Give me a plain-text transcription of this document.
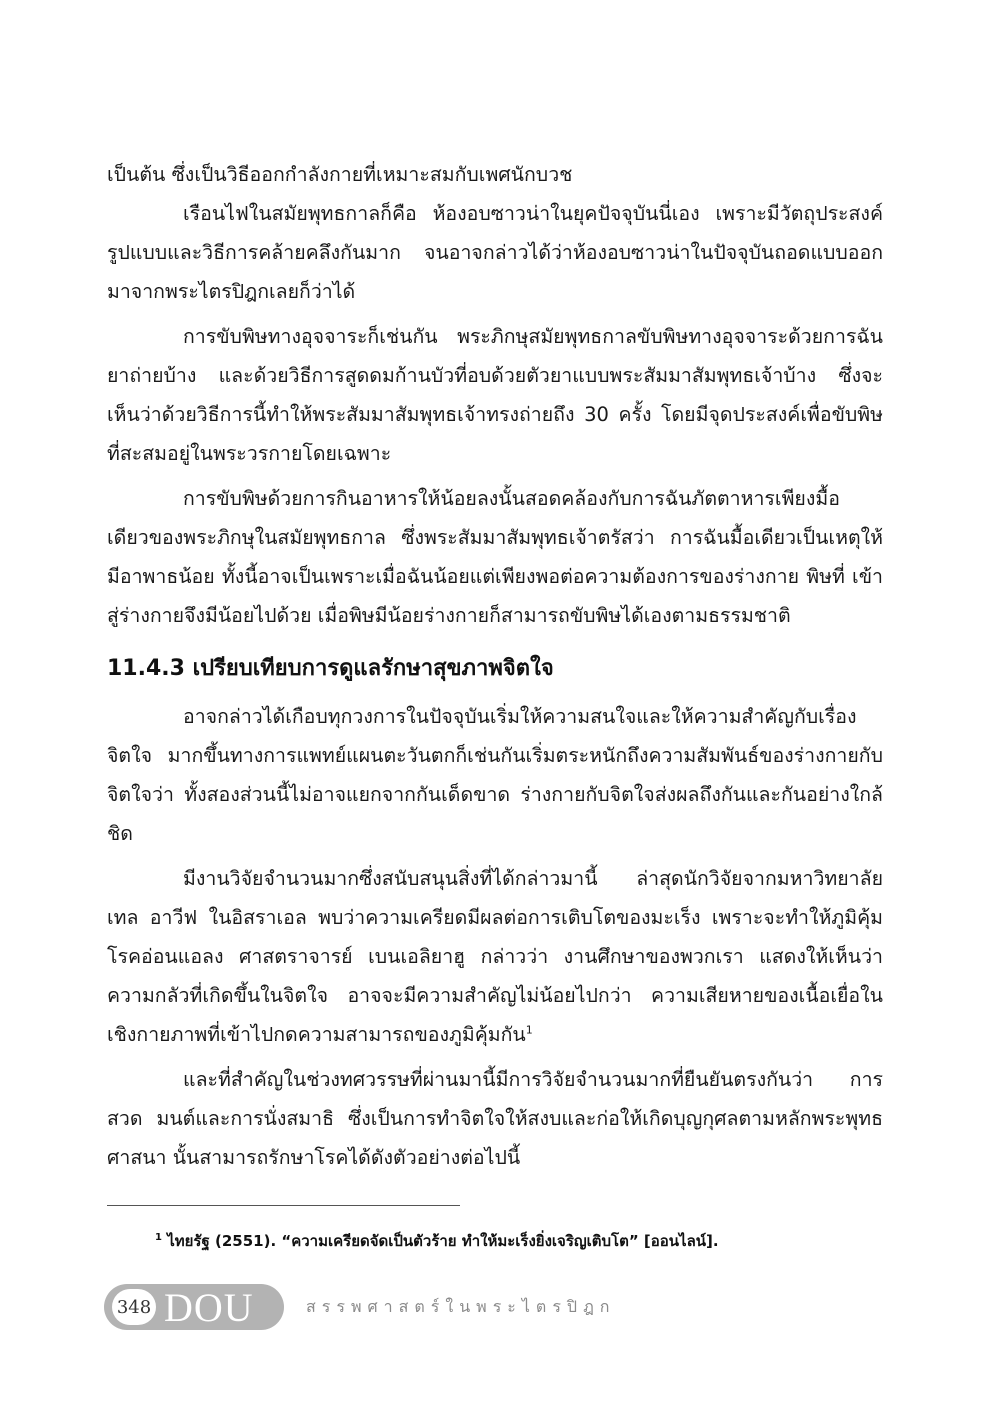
เป็นต้น ซึ่งเป็นวิธีออกกำลังกายที่เหมาะสมกับเพศนักบวช

เรือนไฟในสมัยพุทธกาลก็คือ ห้องอบซาวน่าในยุคปัจจุบันนี่เอง เพราะมีวัตถุประสงค์ รูปแบบและวิธีการคล้ายคลึงกันมาก จนอาจกล่าวได้ว่าห้องอบซาวน่าในปัจจุบันถอดแบบออก มาจากพระไตรปิฎกเลยก็ว่าได้

การขับพิษทางอุจจาระก็เช่นกัน พระภิกษุสมัยพุทธกาลขับพิษทางอุจจาระด้วยการฉัน ยาถ่ายบ้าง และด้วยวิธีการสูดดมก้านบัวที่อบด้วยตัวยาแบบพระสัมมาสัมพุทธเจ้าบ้าง ซึ่งจะ เห็นว่าด้วยวิธีการนี้ทำให้พระสัมมาสัมพุทธเจ้าทรงถ่ายถึง 30 ครั้ง โดยมีจุดประสงค์เพื่อขับพิษ ที่สะสมอยู่ในพระวรกายโดยเฉพาะ

การขับพิษด้วยการกินอาหารให้น้อยลงนั้นสอดคล้องกับการฉันภัตตาหารเพียงมื้อ เดียวของพระภิกษุในสมัยพุทธกาล ซึ่งพระสัมมาสัมพุทธเจ้าตรัสว่า การฉันมื้อเดียวเป็นเหตุให้ มีอาพาธน้อย ทั้งนี้อาจเป็นเพราะเมื่อฉันน้อยแต่เพียงพอต่อความต้องการของร่างกาย พิษที่ เข้าสู่ร่างกายจึงมีน้อยไปด้วย เมื่อพิษมีน้อยร่างกายก็สามารถขับพิษได้เองตามธรรมชาติ

11.4.3 เปรียบเทียบการดูแลรักษาสุขภาพจิตใจ

อาจกล่าวได้เกือบทุกวงการในปัจจุบันเริ่มให้ความสนใจและให้ความสำคัญกับเรื่องจิตใจ มากขึ้นทางการแพทย์แผนตะวันตกก็เช่นกันเริ่มตระหนักถึงความสัมพันธ์ของร่างกายกับจิตใจว่า ทั้งสองส่วนนี้ไม่อาจแยกจากกันเด็ดขาด ร่างกายกับจิตใจส่งผลถึงกันและกันอย่างใกล้ชิด

มีงานวิจัยจำนวนมากซึ่งสนับสนุนสิ่งที่ได้กล่าวมานี้ ล่าสุดนักวิจัยจากมหาวิทยาลัย เทล อาวีฟ ในอิสราเอล พบว่าความเครียดมีผลต่อการเติบโตของมะเร็ง เพราะจะทำให้ภูมิคุ้ม โรคอ่อนแอลง ศาสตราจารย์ เบนเอลิยาฮู กล่าวว่า งานศึกษาของพวกเรา แสดงให้เห็นว่า ความกลัวที่เกิดขึ้นในจิตใจ อาจจะมีความสำคัญไม่น้อยไปกว่า ความเสียหายของเนื้อเยื่อใน เชิงกายภาพที่เข้าไปกดความสามารถของภูมิคุ้มกัน$^1$

และที่สำคัญในช่วงทศวรรษที่ผ่านมานี้มีการวิจัยจำนวนมากที่ยืนยันตรงกันว่า การสวด มนต์และการนั่งสมาธิ ซึ่งเป็นการทำจิตใจให้สงบและก่อให้เกิดบุญกุศลตามหลักพระพุทธศาสนา นั้นสามารถรักษาโรคได้ดังตัวอย่างต่อไปนี้

$^1$ ไทยรัฐ (2551). “ความเครียดจัดเป็นตัวร้าย ทำให้มะเร็งยิ่งเจริญเติบโต” [ออนไลน์].
348 DOU	สรรพศาสตร์ในพระไตรปิฎก
